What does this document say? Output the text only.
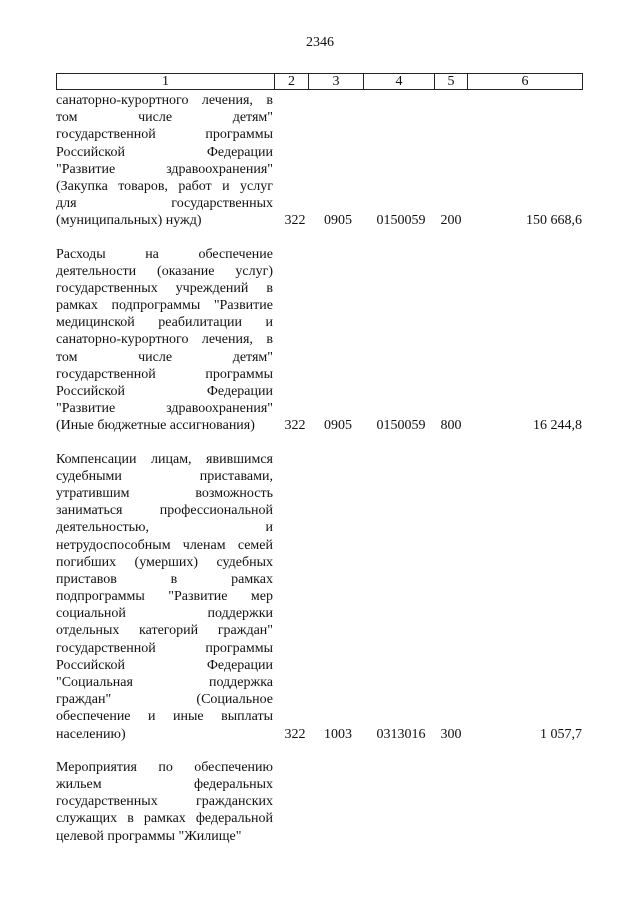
2346
1	2	3	4	5	6
санаторно-курортного лечения, в
том числе детям"
государственной программы
Российской Федерации
"Развитие здравоохранения"
(Закупка товаров, работ и услуг
для государственных
(муниципальных) нужд)	322	0905	0150059	200	150 668,6
Расходы на обеспечение
деятельности (оказание услуг)
государственных учреждений в
рамках подпрограммы "Развитие
медицинской реабилитации и
санаторно-курортного лечения, в
том числе детям"
государственной программы
Российской Федерации
"Развитие здравоохранения"
(Иные бюджетные ассигнования)	322	0905	0150059	800	16 244,8
Компенсации лицам, явившимся
судебными приставами,
утратившим возможность
заниматься профессиональной
деятельностью, и
нетрудоспособным членам семей
погибших (умерших) судебных
приставов в рамках
подпрограммы "Развитие мер
социальной поддержки
отдельных категорий граждан"
государственной программы
Российской Федерации
"Социальная поддержка
граждан" (Социальное
обеспечение и иные выплаты
населению)	322	1003	0313016	300	1 057,7
Мероприятия по обеспечению
жильем федеральных
государственных гражданских
служащих в рамках федеральной
целевой программы "Жилище"
